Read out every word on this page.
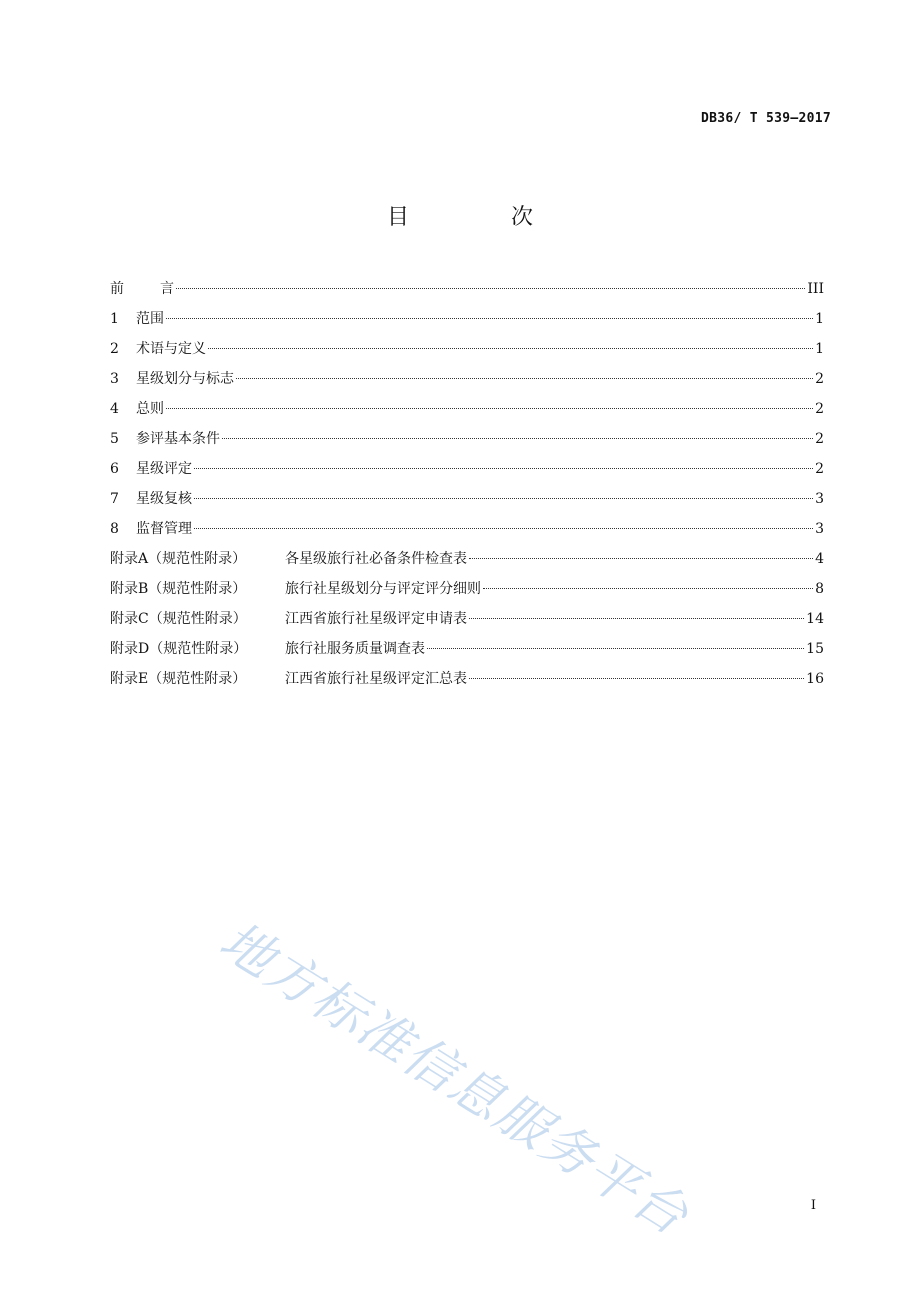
DB36/ T 539—2017
目　次
前	言	III
1	范围	1
2	术语与定义	1
3	星级划分与标志	2
4	总则	2
5	参评基本条件	2
6	星级评定	2
7	星级复核	3
8	监督管理	3
附录A（规范性附录）	各星级旅行社必备条件检查表	4
附录B（规范性附录）	旅行社星级划分与评定评分细则	8
附录C（规范性附录）	江西省旅行社星级评定申请表	14
附录D（规范性附录）	旅行社服务质量调查表	15
附录E（规范性附录）	江西省旅行社星级评定汇总表	16
地方标准信息服务平台	I
